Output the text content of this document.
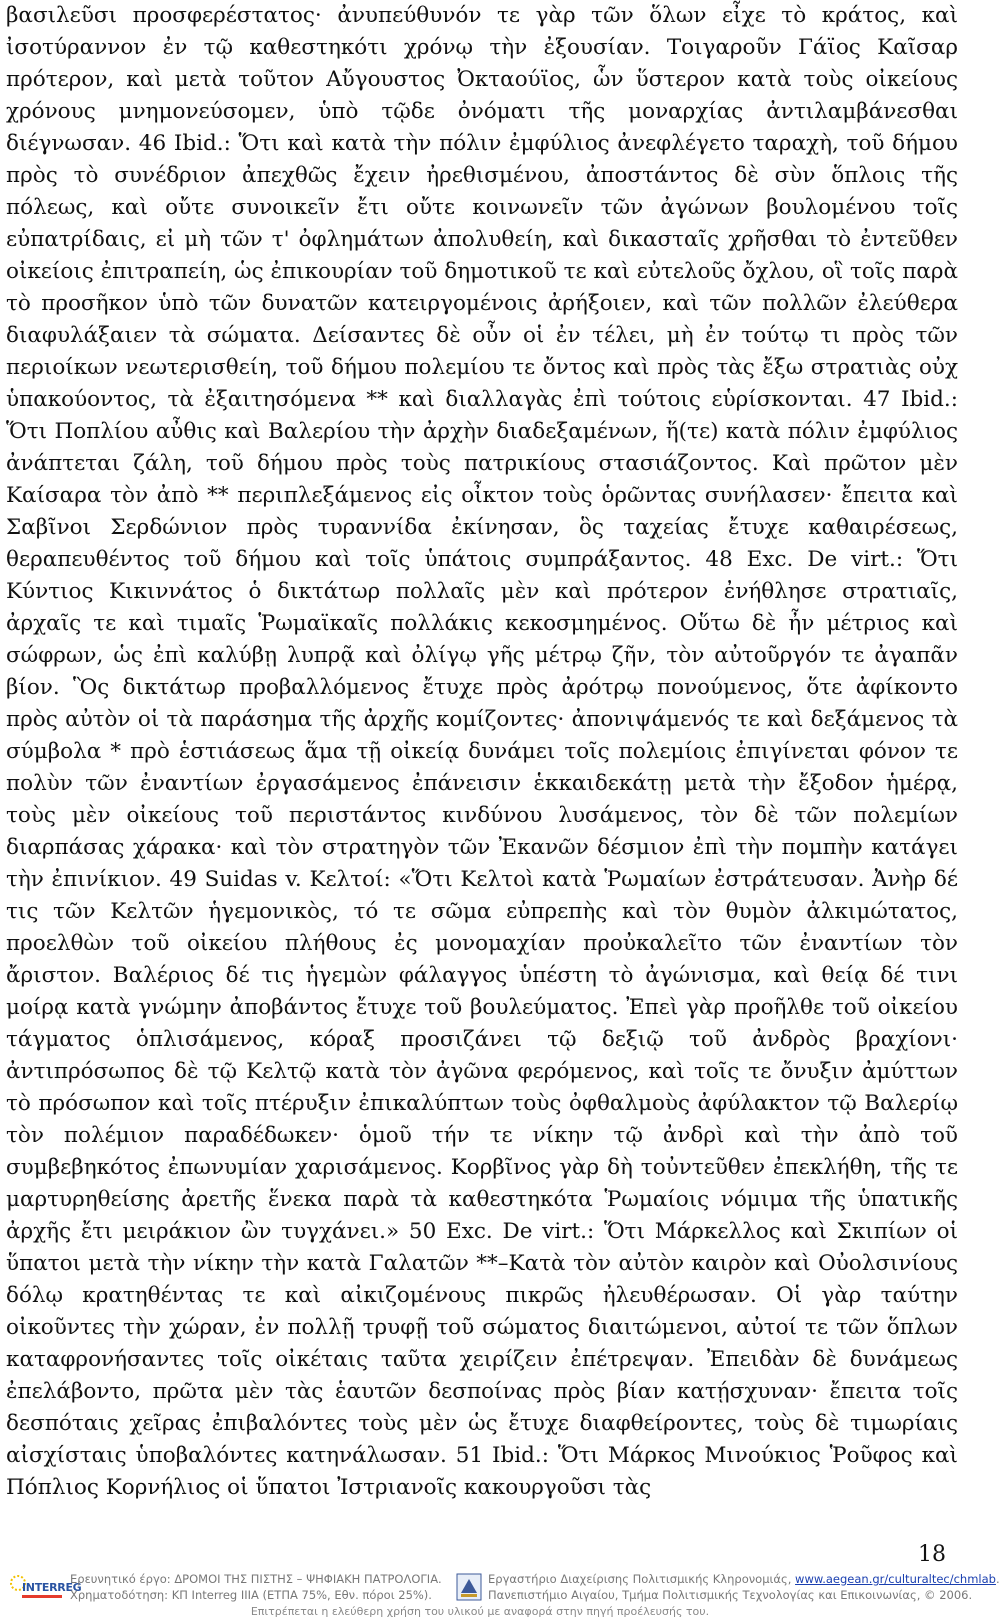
βασιλεῦσι προσφερέστατος· ἀνυπεύθυνόν τε γὰρ τῶν ὅλων εἶχε τὸ κράτος, καὶ ἰσοτύραννον ἐν τῷ καθεστηκότι χρόνῳ τὴν ἐξουσίαν. Τοιγαροῦν Γάϊος Καῖσαρ πρότερον, καὶ μετὰ τοῦτον Αὔγουστος Ὀκταούϊος, ὧν ὕστερον κατὰ τοὺς οἰκείους χρόνους μνημονεύσομεν, ὑπὸ τῷδε ὀνόματι τῆς μοναρχίας ἀντιλαμβάνεσθαι διέγνωσαν. 46 Ibid.: Ὅτι καὶ κατὰ τὴν πόλιν ἐμφύλιος ἀνεφλέγετο ταραχὴ, τοῦ δήμου πρὸς τὸ συνέδριον ἀπεχθῶς ἔχειν ἠρεθισμένου, ἀποστάντος δὲ σὺν ὅπλοις τῆς πόλεως, καὶ οὔτε συνοικεῖν ἔτι οὔτε κοινωνεῖν τῶν ἀγώνων βουλομένου τοῖς εὐπατρίδαις, εἰ μὴ τῶν τ' ὀφλημάτων ἀπολυθείη, καὶ δικασταῖς χρῆσθαι τὸ ἐντεῦθεν οἰκείοις ἐπιτραπείη, ὡς ἐπικουρίαν τοῦ δημοτικοῦ τε καὶ εὐτελοῦς ὄχλου, οἳ τοῖς παρὰ τὸ προσῆκον ὑπὸ τῶν δυνατῶν κατειργομένοις ἀρήξοιεν, καὶ τῶν πολλῶν ἐλεύθερα διαφυλάξαιεν τὰ σώματα. Δείσαντες δὲ οὖν οἱ ἐν τέλει, μὴ ἐν τούτῳ τι πρὸς τῶν περιοίκων νεωτερισθείη, τοῦ δήμου πολεμίου τε ὄντος καὶ πρὸς τὰς ἔξω στρατιὰς οὐχ ὑπακούοντος, τὰ ἐξαιτησόμενα ** καὶ διαλλαγὰς ἐπὶ τούτοις εὑρίσκονται. 47 Ibid.: Ὅτι Ποπλίου αὖθις καὶ Βαλερίου τὴν ἀρχὴν διαδεξαμένων, ἥ(τε) κατὰ πόλιν ἐμφύλιος ἀνάπτεται ζάλη, τοῦ δήμου πρὸς τοὺς πατρικίους στασιάζοντος. Καὶ πρῶτον μὲν Καίσαρα τὸν ἀπὸ ** περιπλεξάμενος εἰς οἶκτον τοὺς ὁρῶντας συνήλασεν· ἔπειτα καὶ Σαβῖνοι Σερδώνιον πρὸς τυραννίδα ἐκίνησαν, ὃς ταχείας ἔτυχε καθαιρέσεως, θεραπευθέντος τοῦ δήμου καὶ τοῖς ὑπάτοις συμπράξαντος. 48 Exc. De virt.: Ὅτι Κύντιος Κικιννάτος ὁ δικτάτωρ πολλαῖς μὲν καὶ πρότερον ἐνήθλησε στρατιαῖς, ἀρχαῖς τε καὶ τιμαῖς Ῥωμαϊκαῖς πολλάκις κεκοσμημένος. Οὕτω δὲ ἦν μέτριος καὶ σώφρων, ὡς ἐπὶ καλύβῃ λυπρᾷ καὶ ὀλίγῳ γῆς μέτρῳ ζῆν, τὸν αὐτοῦργόν τε ἀγαπᾶν βίον. Ὃς δικτάτωρ προβαλλόμενος ἔτυχε πρὸς ἀρότρῳ πονούμενος, ὅτε ἀφίκοντο πρὸς αὐτὸν οἱ τὰ παράσημα τῆς ἀρχῆς κομίζοντες· ἀπονιψάμενός τε καὶ δεξάμενος τὰ σύμβολα * πρὸ ἑστιάσεως ἅμα τῇ οἰκείᾳ δυνάμει τοῖς πολεμίοις ἐπιγίνεται φόνον τε πολὺν τῶν ἐναντίων ἐργασάμενος ἐπάνεισιν ἑκκαιδεκάτῃ μετὰ τὴν ἔξοδον ἡμέρᾳ, τοὺς μὲν οἰκείους τοῦ περιστάντος κινδύνου λυσάμενος, τὸν δὲ τῶν πολεμίων διαρπάσας χάρακα· καὶ τὸν στρατηγὸν τῶν Ἐκανῶν δέσμιον ἐπὶ τὴν πομπὴν κατάγει τὴν ἐπινίκιον. 49 Suidas v. Κελτοί: «Ὅτι Κελτοὶ κατὰ Ῥωμαίων ἐστράτευσαν. Ἀνὴρ δέ τις τῶν Κελτῶν ἡγεμονικὸς, τό τε σῶμα εὐπρεπὴς καὶ τὸν θυμὸν ἀλκιμώτατος, προελθὼν τοῦ οἰκείου πλήθους ἐς μονομαχίαν προὐκαλεῖτο τῶν ἐναντίων τὸν ἄριστον. Βαλέριος δέ τις ἡγεμὼν φάλαγγος ὑπέστη τὸ ἀγώνισμα, καὶ θείᾳ δέ τινι μοίρᾳ κατὰ γνώμην ἀποβάντος ἔτυχε τοῦ βουλεύματος. Ἐπεὶ γὰρ προῆλθε τοῦ οἰκείου τάγματος ὁπλισάμενος, κόραξ προσιζάνει τῷ δεξιῷ τοῦ ἀνδρὸς βραχίονι· ἀντιπρόσωπος δὲ τῷ Κελτῷ κατὰ τὸν ἀγῶνα φερόμενος, καὶ τοῖς τε ὄνυξιν ἀμύττων τὸ πρόσωπον καὶ τοῖς πτέρυξιν ἐπικαλύπτων τοὺς ὀφθαλμοὺς ἀφύλακτον τῷ Βαλερίῳ τὸν πολέμιον παραδέδωκεν· ὁμοῦ τήν τε νίκην τῷ ἀνδρὶ καὶ τὴν ἀπὸ τοῦ συμβεβηκότος ἐπωνυμίαν χαρισάμενος. Κορβῖνος γὰρ δὴ τοὐντεῦθεν ἐπεκλήθη, τῆς τε μαρτυρηθείσης ἀρετῆς ἕνεκα παρὰ τὰ καθεστηκότα Ῥωμαίοις νόμιμα τῆς ὑπατικῆς ἀρχῆς ἔτι μειράκιον ὢν τυγχάνει.» 50 Exc. De virt.: Ὅτι Μάρκελλος καὶ Σκιπίων οἱ ὕπατοι μετὰ τὴν νίκην τὴν κατὰ Γαλατῶν **–Κατὰ τὸν αὐτὸν καιρὸν καὶ Οὐολσινίους δόλῳ κρατηθέντας τε καὶ αἰκιζομένους πικρῶς ἠλευθέρωσαν. Οἱ γὰρ ταύτην οἰκοῦντες τὴν χώραν, ἐν πολλῇ τρυφῇ τοῦ σώματος διαιτώμενοι, αὐτοί τε τῶν ὅπλων καταφρονήσαντες τοῖς οἰκέταις ταῦτα χειρίζειν ἐπέτρεψαν. Ἐπειδὰν δὲ δυνάμεως ἐπελάβοντο, πρῶτα μὲν τὰς ἑαυτῶν δεσποίνας πρὸς βίαν κατῄσχυναν· ἔπειτα τοῖς δεσπόταις χεῖρας ἐπιβαλόντες τοὺς μὲν ὡς ἔτυχε διαφθείροντες, τοὺς δὲ τιμωρίαις αἰσχίσταις ὑποβαλόντες κατηνάλωσαν. 51 Ibid.: Ὅτι Μάρκος Μινούκιος Ῥοῦφος καὶ Πόπλιος Κορνήλιος οἱ ὕπατοι Ἰστριανοῖς κακουργοῦσι τὰς

18
INTERREG
Ερευνητικό έργο: ΔΡΟΜΟΙ ΤΗΣ ΠΙΣΤΗΣ – ΨΗΦΙΑΚΗ ΠΑΤΡΟΛΟΓΙΑ.
Χρηματοδότηση: ΚΠ Interreg IIIA (ΕΤΠΑ 75%, Εθν. πόροι 25%).
Εργαστήριο Διαχείρισης Πολιτισμικής Κληρονομιάς, www.aegean.gr/culturaltec/chmlab.
Πανεπιστήμιο Αιγαίου, Τμήμα Πολιτισμικής Τεχνολογίας και Επικοινωνίας, © 2006.
Επιτρέπεται η ελεύθερη χρήση του υλικού με αναφορά στην πηγή προέλευσής του.
